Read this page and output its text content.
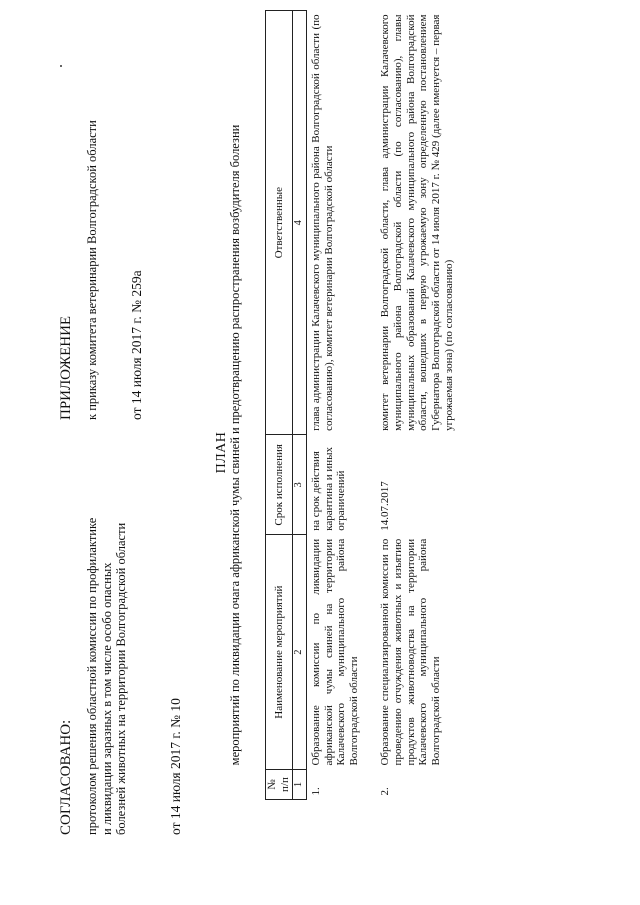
СОГЛАСОВАНО: протоколом решения областной комиссии по профилактике и ликвидации заразных в том числе особо опасных болезней животных на территории Волгоградской области	от 14 июля 2017 г. № 10
ПРИЛОЖЕНИЕ к приказу комитета ветеринарии Волгоградской области от 14 июля 2017 г. № 259а
ПЛАН мероприятий по ликвидации очага африканской чумы свиней и предотвращению распространения возбудителя болезни
№ п/п	Наименование мероприятий	Срок исполнения	Ответственные
1	2	3	4
1.	Образование комиссии по ликвидации африканской чумы свиней на территории Калачевского муниципального района Волгоградской области	на срок действия карантина и иных ограничений	глава администрации Калачевского муниципального района Волгоградской области (по согласованию), комитет ветеринарии Волгоградской области
2.	Образование специализированной комиссии по проведению отчуждения животных и изъятию продуктов животноводства на территории Калачевского муниципального района Волгоградской области	14.07.2017	комитет ветеринарии Волгоградской области, глава администрации Калачевского муниципального района Волгоградской области (по согласованию), главы муниципальных образований Калачевского муниципального района Волгоградской области, вошедших в первую угрожаемую зону определенную постановлением Губернатора Волгоградской области от 14 июля 2017 г. № 429 (далее именуется – первая угрожаемая зона) (по согласованию)
